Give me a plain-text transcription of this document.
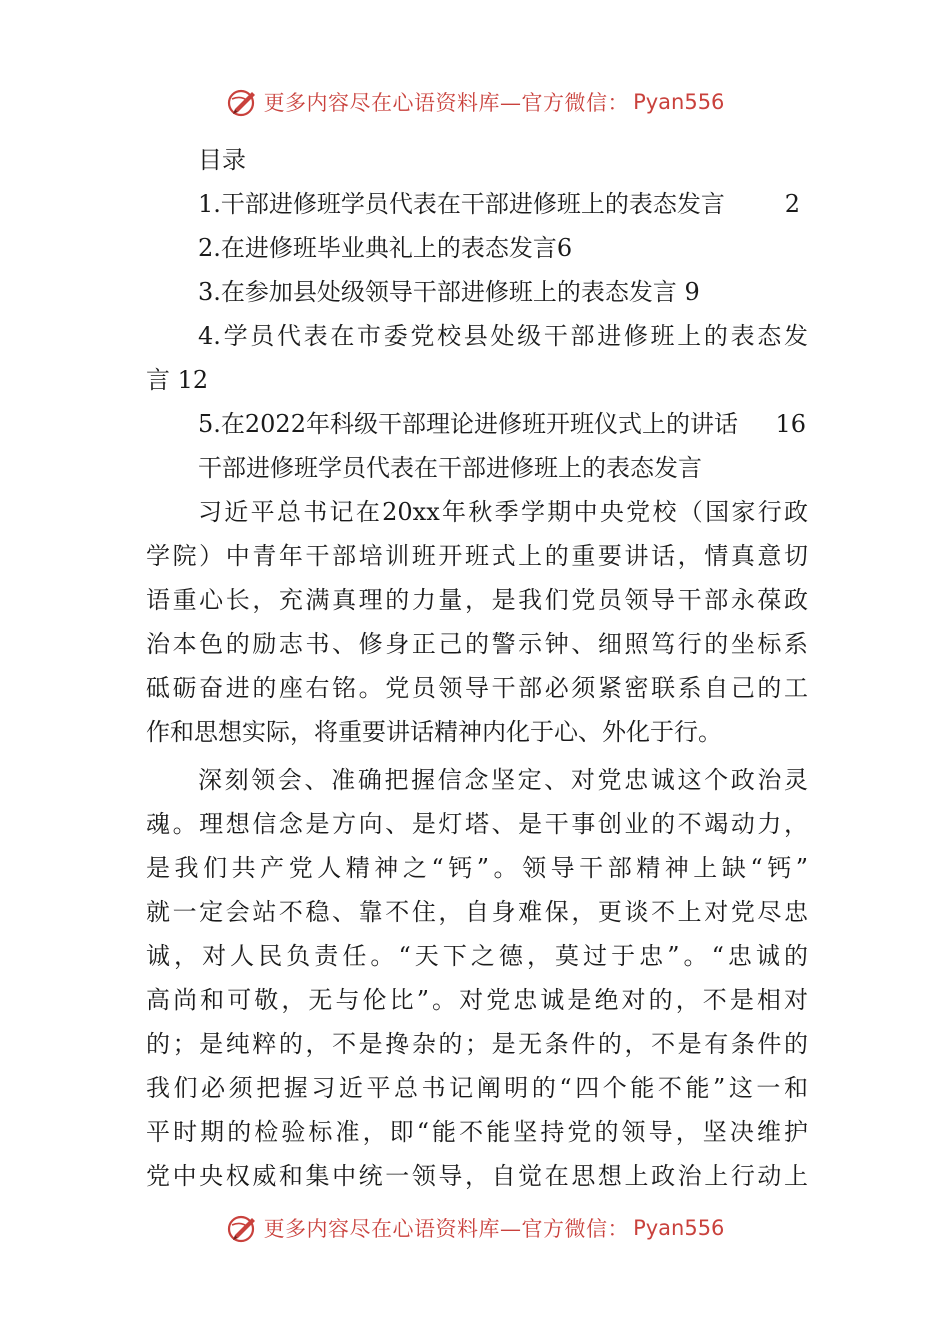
更多内容尽在心语资料库—官方微信： Pyan556
目录
1.干部进修班学员代表在干部进修班上的表态发言 2
2.在进修班毕业典礼上的表态发言6
3.在参加县处级领导干部进修班上的表态发言 9
4.学员代表在市委党校县处级干部进修班上的表态发
言 12
5.在2022年科级干部理论进修班开班仪式上的讲话 16
干部进修班学员代表在干部进修班上的表态发言
习近平总书记在20xx年秋季学期中央党校（国家行政
学院）中青年干部培训班开班式上的重要讲话，情真意切
语重心长，充满真理的力量，是我们党员领导干部永葆政
治本色的励志书、修身正己的警示钟、细照笃行的坐标系
砥砺奋进的座右铭。党员领导干部必须紧密联系自己的工
作和思想实际，将重要讲话精神内化于心、外化于行。
深刻领会、准确把握信念坚定、对党忠诚这个政治灵
魂。理想信念是方向、是灯塔、是干事创业的不竭动力，
是我们共产党人精神之“钙”。领导干部精神上缺“钙”
就一定会站不稳、靠不住，自身难保，更谈不上对党尽忠
诚，对人民负责任。“天下之德，莫过于忠”。“忠诚的
高尚和可敬，无与伦比”。对党忠诚是绝对的，不是相对
的；是纯粹的，不是搀杂的；是无条件的，不是有条件的
我们必须把握习近平总书记阐明的“四个能不能”这一和
平时期的检验标准，即“能不能坚持党的领导，坚决维护
党中央权威和集中统一领导，自觉在思想上政治上行动上
更多内容尽在心语资料库—官方微信： Pyan556
